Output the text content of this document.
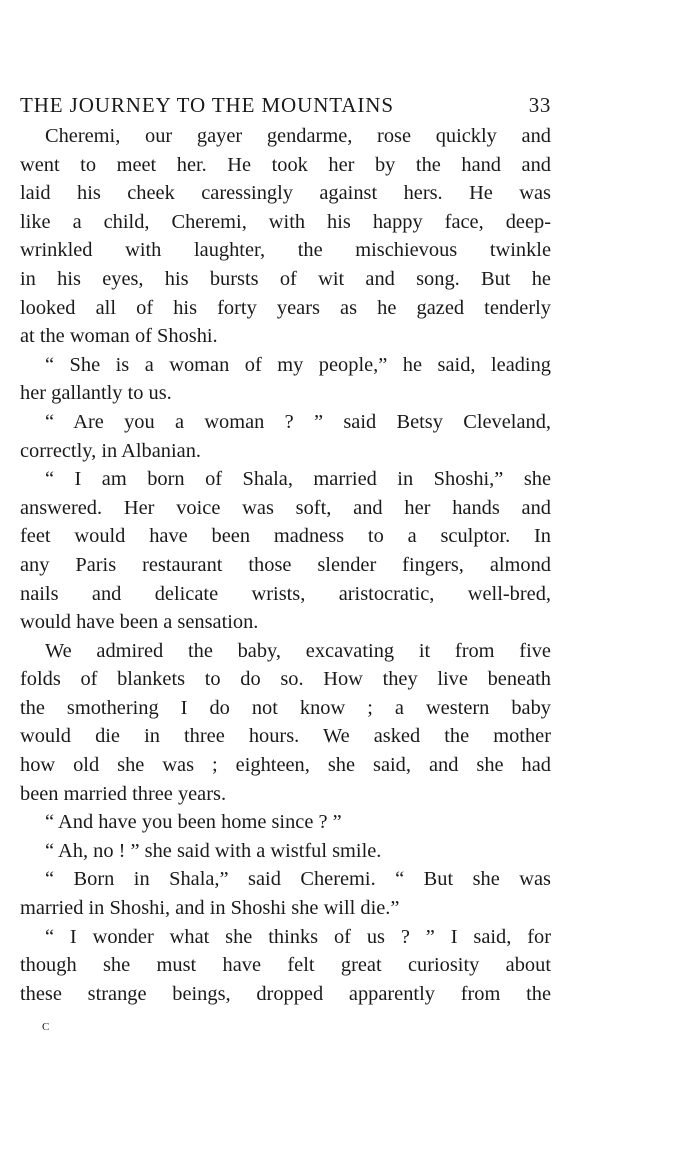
THE JOURNEY TO THE MOUNTAINS	33
Cheremi, our gayer gendarme, rose quickly and
went to meet her. He took her by the hand and
laid his cheek caressingly against hers. He was
like a child, Cheremi, with his happy face, deep-
wrinkled with laughter, the mischievous twinkle
in his eyes, his bursts of wit and song. But he
looked all of his forty years as he gazed tenderly
at the woman of Shoshi.
“ She is a woman of my people,” he said, leading
her gallantly to us.
“ Are you a woman ? ” said Betsy Cleveland,
correctly, in Albanian.
“ I am born of Shala, married in Shoshi,” she
answered. Her voice was soft, and her hands and
feet would have been madness to a sculptor. In
any Paris restaurant those slender fingers, almond
nails and delicate wrists, aristocratic, well-bred,
would have been a sensation.
We admired the baby, excavating it from five
folds of blankets to do so. How they live beneath
the smothering I do not know ; a western baby
would die in three hours. We asked the mother
how old she was ; eighteen, she said, and she had
been married three years.
“ And have you been home since ? ”
“ Ah, no ! ” she said with a wistful smile.
“ Born in Shala,” said Cheremi. “ But she was
married in Shoshi, and in Shoshi she will die.”
“ I wonder what she thinks of us ? ” I said, for
though she must have felt great curiosity about
these strange beings, dropped apparently from the
c
